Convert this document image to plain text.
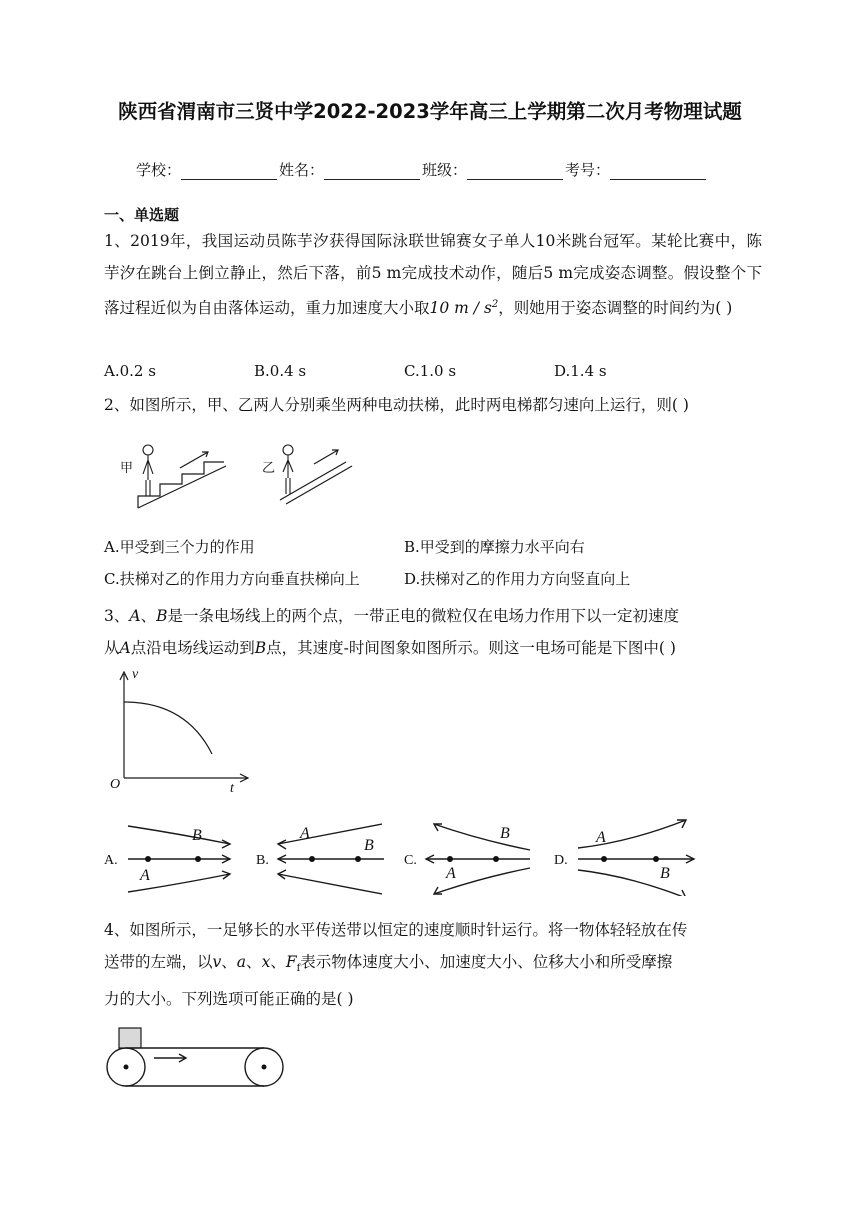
陕西省渭南市三贤中学2022-2023学年高三上学期第二次月考物理试题
学校：	姓名：	班级：	考号：
一、单选题
1、2019年，我国运动员陈芋汐获得国际泳联世锦赛女子单人10米跳台冠军。某轮比赛中，陈芋汐在跳台上倒立静止，然后下落，前5 m完成技术动作，随后5 m完成姿态调整。假设整个下落过程近似为自由落体运动，重力加速度大小取10 m / $s^2$，则她用于姿态调整的时间约为( )
A.0.2 s	B.0.4 s	C.1.0 s	D.1.4 s
2、如图所示，甲、乙两人分别乘坐两种电动扶梯，此时两电梯都匀速向上运行，则( )
甲	乙
A.甲受到三个力的作用	B.甲受到的摩擦力水平向右
C.扶梯对乙的作用力方向垂直扶梯向上	D.扶梯对乙的作用力方向竖直向上
3、A、B是一条电场线上的两个点，一带正电的微粒仅在电场力作用下以一定初速度
从A点沿电场线运动到B点，其速度-时间图象如图所示。则这一电场可能是下图中( )
v
t
O
A.
B
A
B.
A
B
C.
B
A
D.
A
B
4、如图所示，一足够长的水平传送带以恒定的速度顺时针运行。将一物体轻轻放在传
送带的左端，以v、a、x、$F_f$表示物体速度大小、加速度大小、位移大小和所受摩擦
力的大小。下列选项可能正确的是( )
